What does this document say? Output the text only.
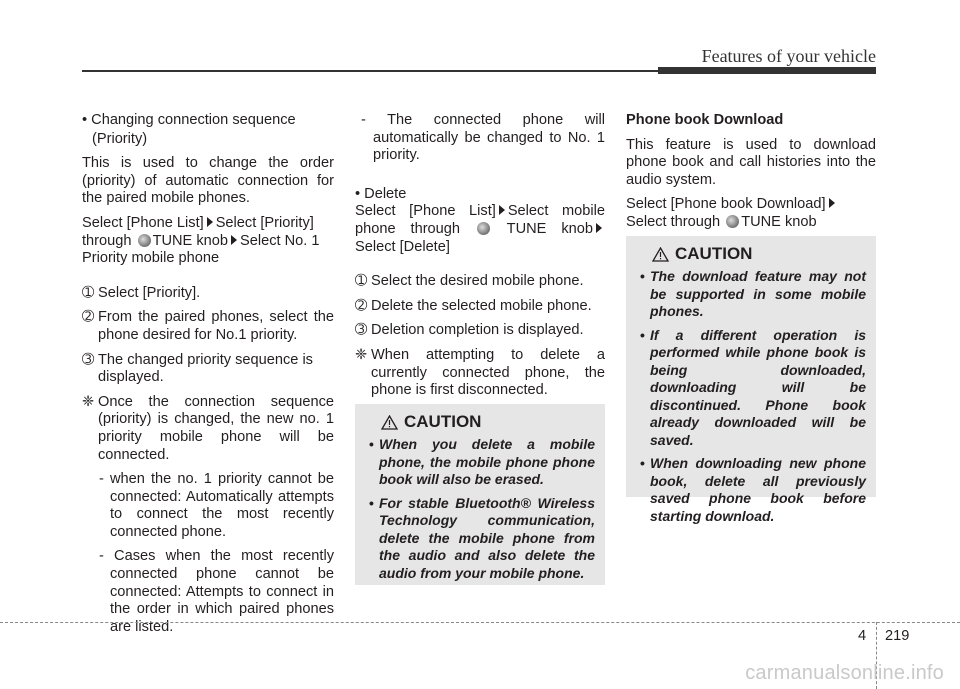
Features of your vehicle

• Changing connection sequence

(Priority)

This is used to change the order (priority) of automatic connection for the paired mobile phones.

Select [Phone List] Select [Priority] through TUNE knob Select No. 1 Priority mobile phone

➀ Select [Priority].

➁ From the paired phones, select the phone desired for No.1 priority.

➂ The changed priority sequence is displayed.

❈ Once the connection sequence (priority) is changed, the new no. 1 priority mobile phone will be connected.

- when the no. 1 priority cannot be connected: Automatically attempts to connect the most recently connected phone.

- Cases when the most recently connected phone cannot be connected: Attempts to connect in the order in which paired phones are listed.

- The connected phone will automatically be changed to No. 1 priority.

• Delete

Select [Phone List] Select mobile phone through	TUNE knob Select [Delete]

➀ Select the desired mobile phone.

➁ Delete the selected mobile phone.

➂ Deletion completion is displayed.

❈ When attempting to delete a currently connected phone, the phone is first disconnected.

CAUTION
• When you delete a mobile phone, the mobile phone phone book will also be erased.
• For stable Bluetooth® Wireless Technology communication, delete the mobile phone from the audio and also delete the audio from your mobile phone.

Phone book Download

This feature is used to download phone book and call histories into the audio system.

Select [Phone book Download]
Select through TUNE knob

CAUTION
• The download feature may not be supported in some mobile phones.
• If a different operation is performed while phone book is being downloaded, downloading will be discontinued. Phone book already downloaded will be saved.
• When downloading new phone book, delete all previously saved phone book before starting download.
4 219
carmanualsonline.info
